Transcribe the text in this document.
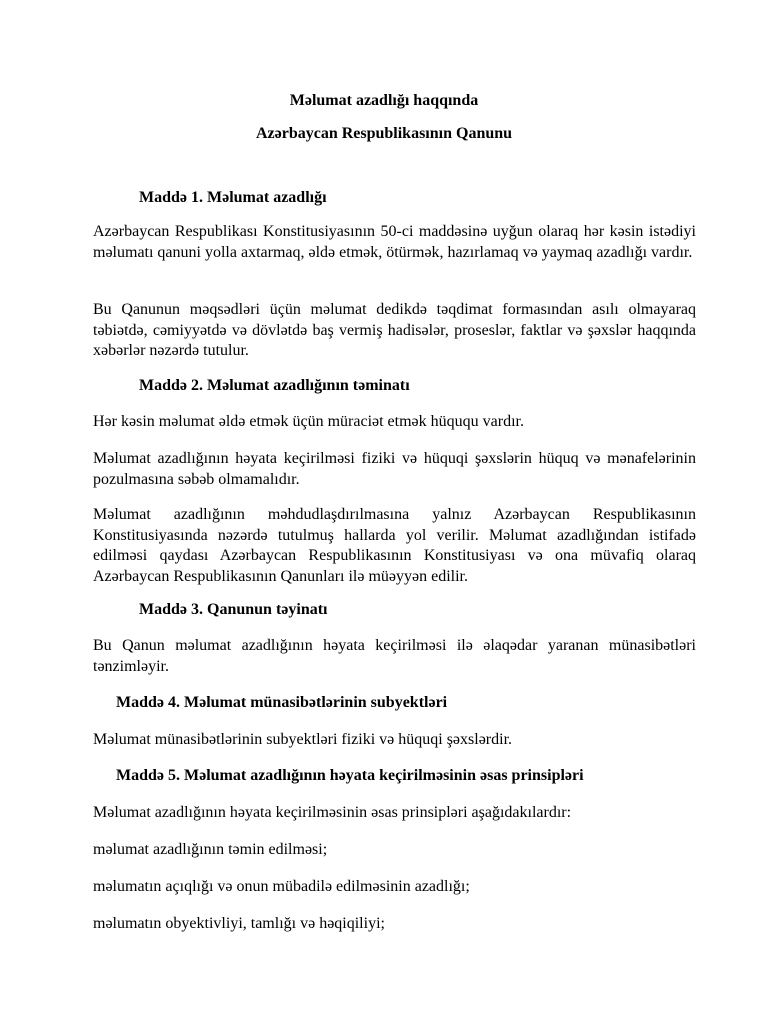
Məlumat azadlığı haqqında

Azərbaycan Respublikasının Qanunu

Maddə 1. Məlumat azadlığı

Azərbaycan Respublikası Konstitusiyasının 50-ci maddəsinə uyğun olaraq hər kəsin istədiyi məlumatı qanuni yolla axtarmaq, əldə etmək, ötürmək, hazırlamaq və yaymaq azadlığı vardır.

Bu Qanunun məqsədləri üçün məlumat dedikdə təqdimat formasından asılı olmayaraq təbiətdə, cəmiyyətdə və dövlətdə baş vermiş hadisələr, proseslər, faktlar və şəxslər haqqında xəbərlər nəzərdə tutulur.

Maddə 2. Məlumat azadlığının təminatı

Hər kəsin məlumat əldə etmək üçün müraciət etmək hüququ vardır.

Məlumat azadlığının həyata keçirilməsi fiziki və hüquqi şəxslərin hüquq və mənafelərinin pozulmasına səbəb olmamalıdır.

Məlumat azadlığının məhdudlaşdırılmasına yalnız Azərbaycan Respublikasının Konstitusiyasında nəzərdə tutulmuş hallarda yol verilir. Məlumat azadlığından istifadə edilməsi qaydası Azərbaycan Respublikasının Konstitusiyası və ona müvafiq olaraq Azərbaycan Respublikasının Qanunları ilə müəyyən edilir.

Maddə 3. Qanunun təyinatı

Bu Qanun məlumat azadlığının həyata keçirilməsi ilə əlaqədar yaranan münasibətləri tənzimləyir.

Maddə 4. Məlumat münasibətlərinin subyektləri

Məlumat münasibətlərinin subyektləri fiziki və hüquqi şəxslərdir.

Maddə 5. Məlumat azadlığının həyata keçirilməsinin əsas prinsipləri

Məlumat azadlığının həyata keçirilməsinin əsas prinsipləri aşağıdakılardır:

məlumat azadlığının təmin edilməsi;

məlumatın açıqlığı və onun mübadilə edilməsinin azadlığı;

məlumatın obyektivliyi, tamlığı və həqiqiliyi;
